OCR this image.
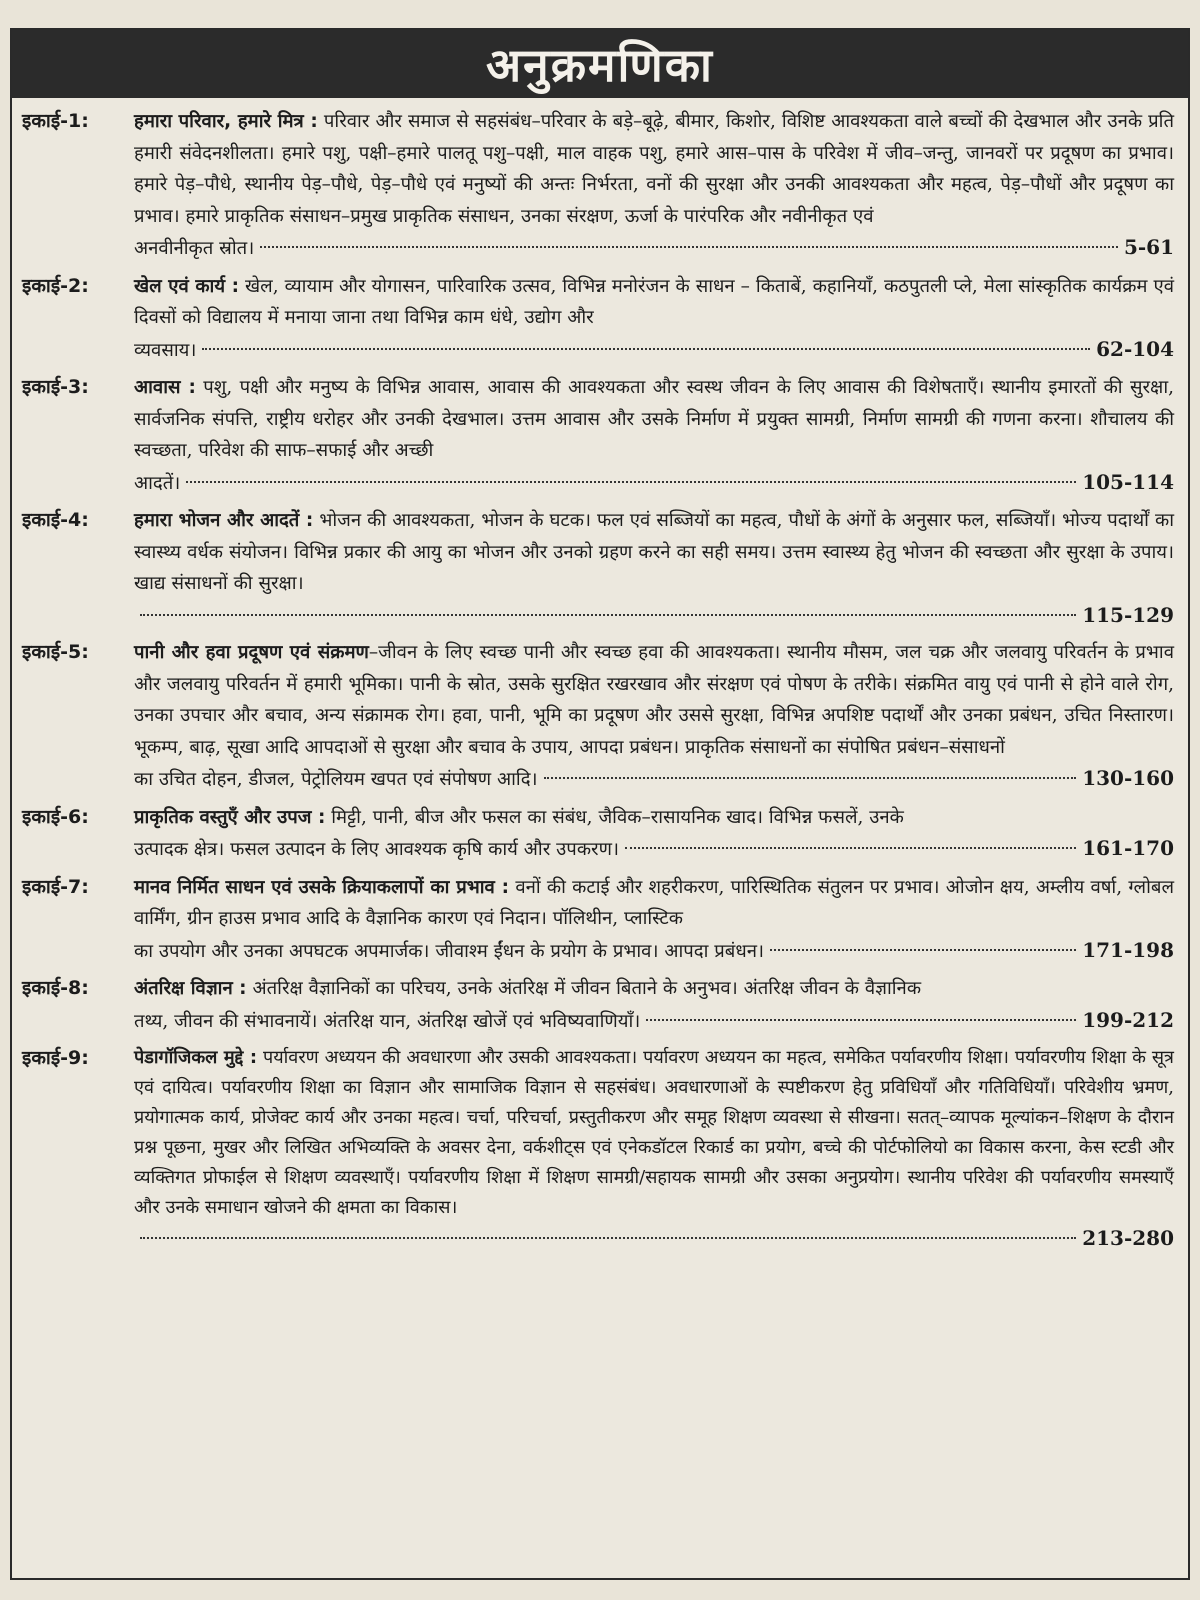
अनुक्रमणिका
इकाई-1:	हमारा परिवार, हमारे मित्र : परिवार और समाज से सहसंबंध–परिवार के बड़े–बूढ़े, बीमार, किशोर, विशिष्ट आवश्यकता वाले बच्चों की देखभाल और उनके प्रति हमारी संवेदनशीलता। हमारे पशु, पक्षी–हमारे पालतू पशु–पक्षी, माल वाहक पशु, हमारे आस–पास के परिवेश में जीव–जन्तु, जानवरों पर प्रदूषण का प्रभाव। हमारे पेड़–पौधे, स्थानीय पेड़–पौधे, पेड़–पौधे एवं मनुष्यों की अन्तः निर्भरता, वनों की सुरक्षा और उनकी आवश्यकता और महत्व, पेड़–पौधों और प्रदूषण का प्रभाव। हमारे प्राकृतिक संसाधन–प्रमुख प्राकृतिक संसाधन, उनका संरक्षण, ऊर्जा के पारंपरिक और नवीनीकृत एवं
अनवीनीकृत स्रोत।	5-61
इकाई-2:	खेल एवं कार्य : खेल, व्यायाम और योगासन, पारिवारिक उत्सव, विभिन्न मनोरंजन के साधन – किताबें, कहानियाँ, कठपुतली प्ले, मेला सांस्कृतिक कार्यक्रम एवं दिवसों को विद्यालय में मनाया जाना तथा विभिन्न काम धंधे, उद्योग और
व्यवसाय।	62-104
इकाई-3:	आवास : पशु, पक्षी और मनुष्य के विभिन्न आवास, आवास की आवश्यकता और स्वस्थ जीवन के लिए आवास की विशेषताएँ। स्थानीय इमारतों की सुरक्षा, सार्वजनिक संपत्ति, राष्ट्रीय धरोहर और उनकी देखभाल। उत्तम आवास और उसके निर्माण में प्रयुक्त सामग्री, निर्माण सामग्री की गणना करना। शौचालय की स्वच्छता, परिवेश की साफ–सफाई और अच्छी
आदतें।	105-114
इकाई-4:	हमारा भोजन और आदतें : भोजन की आवश्यकता, भोजन के घटक। फल एवं सब्जियों का महत्व, पौधों के अंगों के अनुसार फल, सब्जियाँ। भोज्य पदार्थों का स्वास्थ्य वर्धक संयोजन। विभिन्न प्रकार की आयु का भोजन और उनको ग्रहण करने का सही समय। उत्तम स्वास्थ्य हेतु भोजन की स्वच्छता और सुरक्षा के उपाय। खाद्य संसाधनों की सुरक्षा।
115-129
इकाई-5:	पानी और हवा प्रदूषण एवं संक्रमण–जीवन के लिए स्वच्छ पानी और स्वच्छ हवा की आवश्यकता। स्थानीय मौसम, जल चक्र और जलवायु परिवर्तन के प्रभाव और जलवायु परिवर्तन में हमारी भूमिका। पानी के स्रोत, उसके सुरक्षित रखरखाव और संरक्षण एवं पोषण के तरीके। संक्रमित वायु एवं पानी से होने वाले रोग, उनका उपचार और बचाव, अन्य संक्रामक रोग। हवा, पानी, भूमि का प्रदूषण और उससे सुरक्षा, विभिन्न अपशिष्ट पदार्थों और उनका प्रबंधन, उचित निस्तारण। भूकम्प, बाढ़, सूखा आदि आपदाओं से सुरक्षा और बचाव के उपाय, आपदा प्रबंधन। प्राकृतिक संसाधनों का संपोषित प्रबंधन–संसाधनों
का उचित दोहन, डीजल, पेट्रोलियम खपत एवं संपोषण आदि।	130-160
इकाई-6:	प्राकृतिक वस्तुएँ और उपज : मिट्टी, पानी, बीज और फसल का संबंध, जैविक–रासायनिक खाद। विभिन्न फसलें, उनके
उत्पादक क्षेत्र। फसल उत्पादन के लिए आवश्यक कृषि कार्य और उपकरण।	161-170
इकाई-7:	मानव निर्मित साधन एवं उसके क्रियाकलापों का प्रभाव : वनों की कटाई और शहरीकरण, पारिस्थितिक संतुलन पर प्रभाव। ओजोन क्षय, अम्लीय वर्षा, ग्लोबल वार्मिंग, ग्रीन हाउस प्रभाव आदि के वैज्ञानिक कारण एवं निदान। पॉलिथीन, प्लास्टिक
का उपयोग और उनका अपघटक अपमार्जक। जीवाश्म ईंधन के प्रयोग के प्रभाव। आपदा प्रबंधन।	171-198
इकाई-8:	अंतरिक्ष विज्ञान : अंतरिक्ष वैज्ञानिकों का परिचय, उनके अंतरिक्ष में जीवन बिताने के अनुभव। अंतरिक्ष जीवन के वैज्ञानिक
तथ्य, जीवन की संभावनायें। अंतरिक्ष यान, अंतरिक्ष खोजें एवं भविष्यवाणियाँ।	199-212
इकाई-9:	पेडागॉजिकल मुद्दे : पर्यावरण अध्ययन की अवधारणा और उसकी आवश्यकता। पर्यावरण अध्ययन का महत्व, समेकित पर्यावरणीय शिक्षा। पर्यावरणीय शिक्षा के सूत्र एवं दायित्व। पर्यावरणीय शिक्षा का विज्ञान और सामाजिक विज्ञान से सहसंबंध। अवधारणाओं के स्पष्टीकरण हेतु प्रविधियाँ और गतिविधियाँ। परिवेशीय भ्रमण, प्रयोगात्मक कार्य, प्रोजेक्ट कार्य और उनका महत्व। चर्चा, परिचर्चा, प्रस्तुतीकरण और समूह शिक्षण व्यवस्था से सीखना। सतत्–व्यापक मूल्यांकन–शिक्षण के दौरान प्रश्न पूछना, मुखर और लिखित अभिव्यक्ति के अवसर देना, वर्कशीट्स एवं एनेकडॉटल रिकार्ड का प्रयोग, बच्चे की पोर्टफोलियो का विकास करना, केस स्टडी और व्यक्तिगत प्रोफाईल से शिक्षण व्यवस्थाएँ। पर्यावरणीय शिक्षा में शिक्षण सामग्री/सहायक सामग्री और उसका अनुप्रयोग। स्थानीय परिवेश की पर्यावरणीय समस्याएँ और उनके समाधान खोजने की क्षमता का विकास।
213-280
